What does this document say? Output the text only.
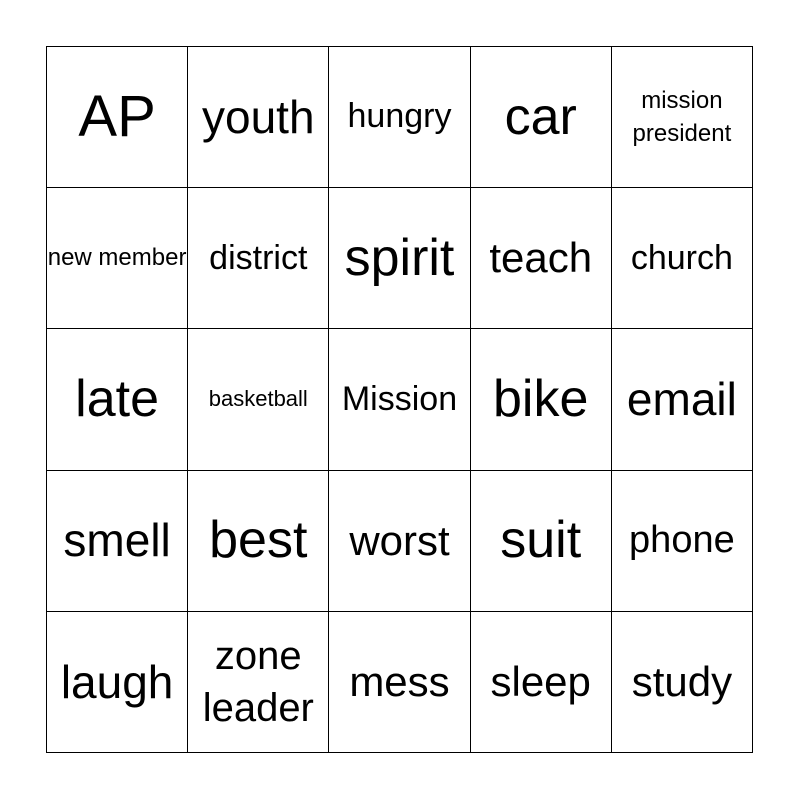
AP youth hungry car	mission president
new member district spirit teach church
late basketball Mission bike email
smell best worst suit phone
laugh	zone leader
mess sleep study
